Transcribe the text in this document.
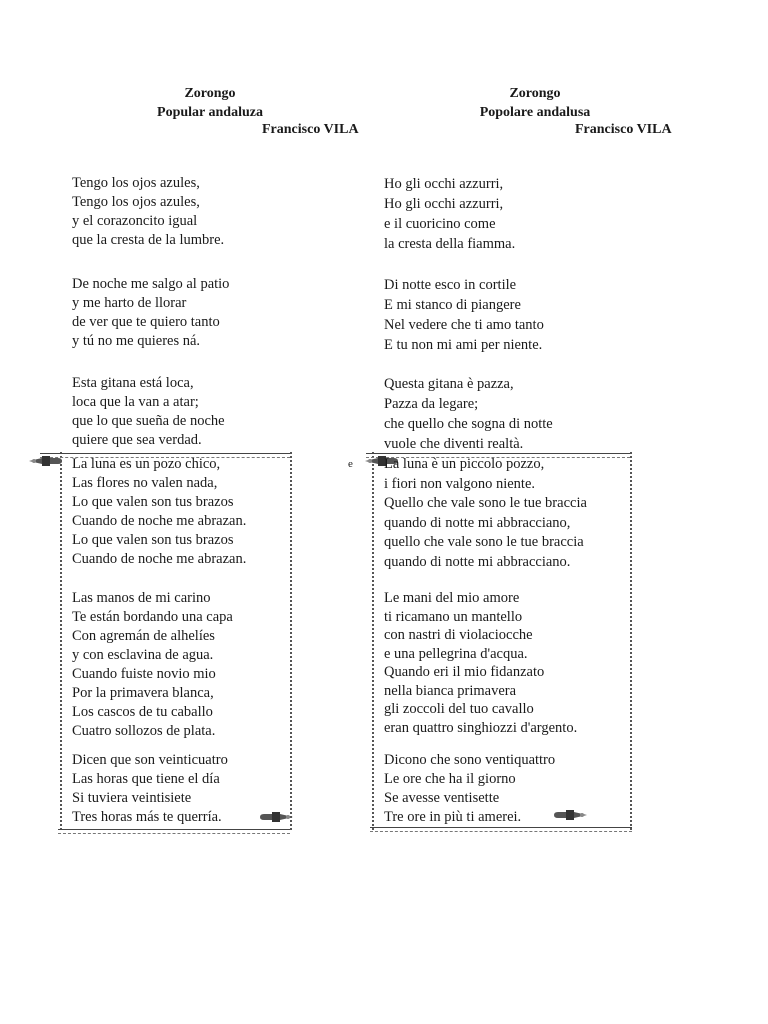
Zorongo
Popular andaluza
Francisco VILA
Zorongo
Popolare andalusa
Francisco VILA
e
Tengo los ojos azules,
Tengo los ojos azules,
y el corazoncito igual
que la cresta de la lumbre.
De noche me salgo al patio
y me harto de llorar
de ver que te quiero tanto
y tú no me quieres ná.
Esta gitana está loca,
loca que la van a atar;
que lo que sueña de noche
quiere que sea verdad.
La luna es un pozo chico,
Las flores no valen nada,
Lo que valen son tus brazos
Cuando de noche me abrazan.
Lo que valen son tus brazos
Cuando de noche me abrazan.
Las manos de mi carino
Te están bordando una capa
Con agremán de alhelíes
y con esclavina de agua.
Cuando fuiste novio mio
Por la primavera blanca,
Los cascos de tu caballo
Cuatro sollozos de plata.
Dicen que son veinticuatro
Las horas que tiene el día
Si tuviera veintisiete
Tres horas más te querría.
Ho gli occhi azzurri,
Ho gli occhi azzurri,
e il cuoricino come
la cresta della fiamma.
Di notte esco in cortile
E mi stanco di piangere
Nel vedere che ti amo tanto
E tu non mi ami per niente.
Questa gitana è pazza,
Pazza da legare;
che quello che sogna di notte
vuole che diventi realtà.
La luna è un piccolo pozzo,
i fiori non valgono niente.
Quello che vale sono le tue braccia
quando di notte mi abbracciano,
quello che vale sono le tue braccia
quando di notte mi abbracciano.
Le mani del mio amore
ti ricamano un mantello
con nastri di violaciocche
e una pellegrina d'acqua.
Quando eri il mio fidanzato
nella bianca primavera
gli zoccoli del tuo cavallo
eran quattro singhiozzi d'argento.
Dicono che sono ventiquattro
Le ore che ha il giorno
Se avesse ventisette
Tre ore in più ti amerei.
